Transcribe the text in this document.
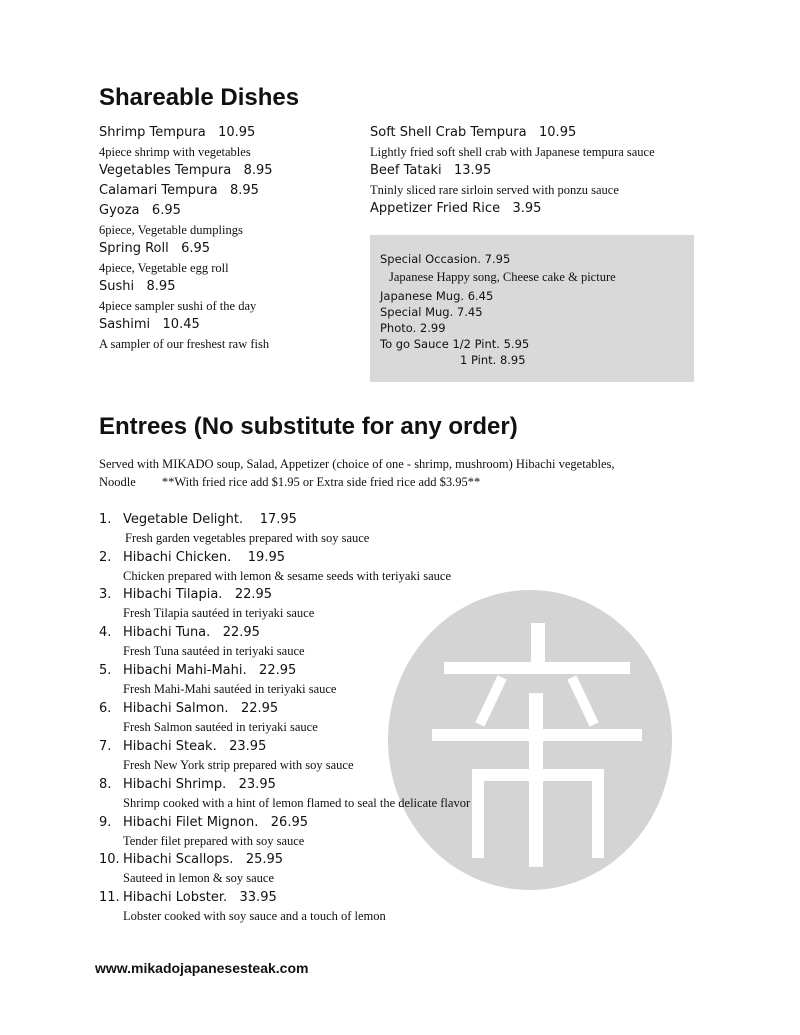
Shareable Dishes
Shrimp Tempura 10.95
4piece shrimp with vegetables
Vegetables Tempura 8.95
Calamari Tempura 8.95
Gyoza 6.95
6piece, Vegetable dumplings
Spring Roll 6.95
4piece, Vegetable egg roll
Sushi 8.95
4piece sampler sushi of the day
Sashimi 10.45
A sampler of our freshest raw fish
Soft Shell Crab Tempura 10.95
Lightly fried soft shell crab with Japanese tempura sauce
Beef Tataki 13.95
Tninly sliced rare sirloin served with ponzu sauce
Appetizer Fried Rice 3.95
Special Occasion. 7.95
Japanese Happy song, Cheese cake & picture
Japanese Mug. 6.45
Special Mug. 7.45
Photo. 2.99
To go Sauce 1/2 Pint. 5.95
1 Pint. 8.95
Entrees (No substitute for any order)
Served with MIKADO soup, Salad, Appetizer (choice of one - shrimp, mushroom) Hibachi vegetables,
Noodle **With fried rice add $1.95 or Extra side fried rice add $3.95**
1. Vegetable Delight. 17.95
Fresh garden vegetables prepared with soy sauce
2. Hibachi Chicken. 19.95
Chicken prepared with lemon & sesame seeds with teriyaki sauce
3. Hibachi Tilapia. 22.95
Fresh Tilapia sautéed in teriyaki sauce
4. Hibachi Tuna. 22.95
Fresh Tuna sautéed in teriyaki sauce
5. Hibachi Mahi-Mahi. 22.95
Fresh Mahi-Mahi sautéed in teriyaki sauce
6. Hibachi Salmon. 22.95
Fresh Salmon sautéed in teriyaki sauce
7. Hibachi Steak. 23.95
Fresh New York strip prepared with soy sauce
8. Hibachi Shrimp. 23.95
Shrimp cooked with a hint of lemon flamed to seal the delicate flavor
9. Hibachi Filet Mignon. 26.95
Tender filet prepared with soy sauce
10. Hibachi Scallops. 25.95
Sauteed in lemon & soy sauce
11. Hibachi Lobster. 33.95
Lobster cooked with soy sauce and a touch of lemon
www.mikadojapanesesteak.com
